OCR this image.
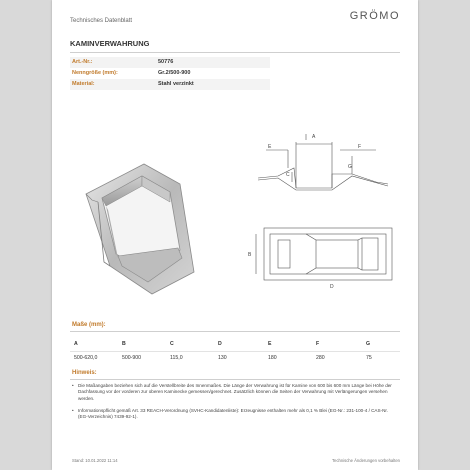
Technisches Datenblatt	GRÖMO
KAMINVERWAHRUNG
Art.-Nr.:	50776
Nenngröße (mm):	Gr.2/500-900
Material:	Stahl verzinkt
A
E	F
C
G
B
D
Maße (mm):
A	B	C	D	E	F	G
500-620,0	500-900	115,0	130	180	280	75
Hinweis:
• Die Maßangaben beziehen sich auf die Verstellbreite des Innenmaßes. Die Länge der Verwahrung ist für Kamine von 600 bis 600 mm Länge bei Höhe der Dachfassung vor der vorderen zur oberen Kaminecke gemessen/gerechnet. Zusätzlich können die Seiten der Verwahrung mit Verlängerungen versehen werden.
• Informationspflicht gemäß Art. 33 REACH-Verordnung (SVHC-Kandidatenliste): Erzeugnisse enthalten mehr als 0,1 % Blei (EG-Nr.: 231-100-4 / CAS-Nr. (EG-Verzeichnis) 7439-92-1).
Stand: 10.01.2022 11:14	Technische Änderungen vorbehalten
